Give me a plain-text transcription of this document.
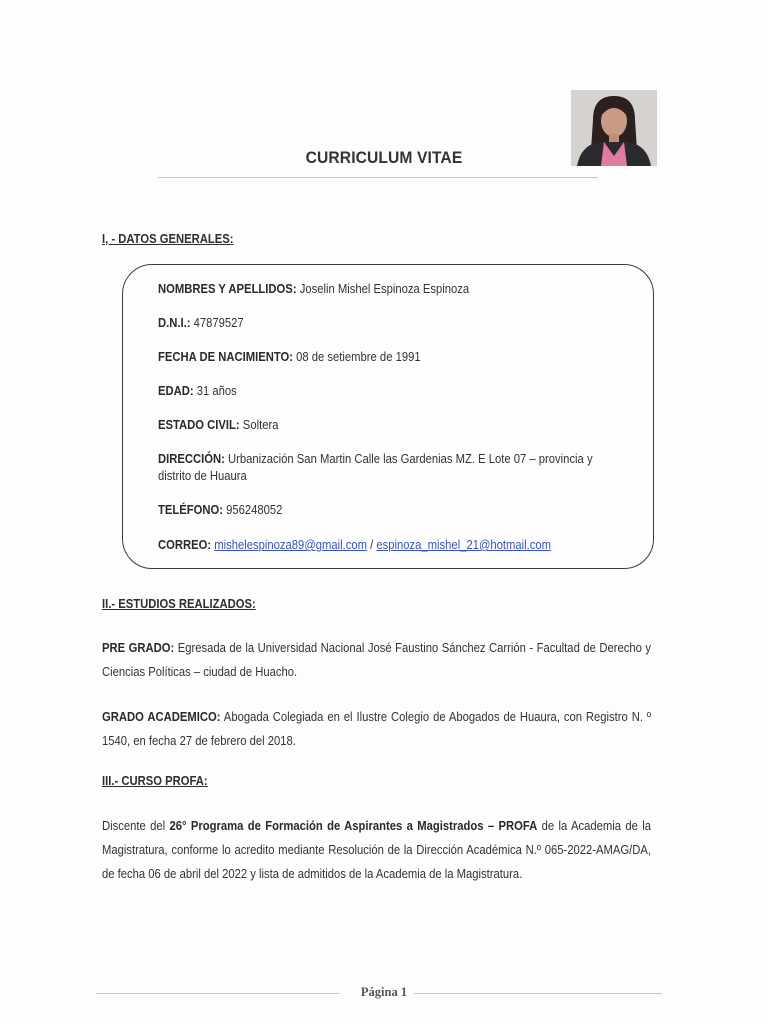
CURRICULUM VITAE
I, - DATOS GENERALES:
NOMBRES Y APELLIDOS: Joselin Mishel Espinoza Espinoza
D.N.I.: 47879527
FECHA DE NACIMIENTO: 08 de setiembre de 1991
EDAD: 31 años
ESTADO CIVIL: Soltera
DIRECCIÓN: Urbanización San Martin Calle las Gardenias MZ. E Lote 07 – provincia y distrito de Huaura
TELÉFONO: 956248052
CORREO: mishelespinoza89@gmail.com / espinoza_mishel_21@hotmail.com
II.- ESTUDIOS REALIZADOS:
PRE GRADO: Egresada de la Universidad Nacional José Faustino Sánchez Carrión - Facultad de Derecho y Ciencias Políticas – ciudad de Huacho.
GRADO ACADEMICO: Abogada Colegiada en el Ilustre Colegio de Abogados de Huaura, con Registro N. º 1540, en fecha 27 de febrero del 2018.
III.- CURSO PROFA:
Discente del 26° Programa de Formación de Aspirantes a Magistrados – PROFA de la Academia de la Magistratura, conforme lo acredito mediante Resolución de la Dirección Académica N.º 065-2022-AMAG/DA, de fecha 06 de abril del 2022 y lista de admitidos de la Academia de la Magistratura.
Página 1
